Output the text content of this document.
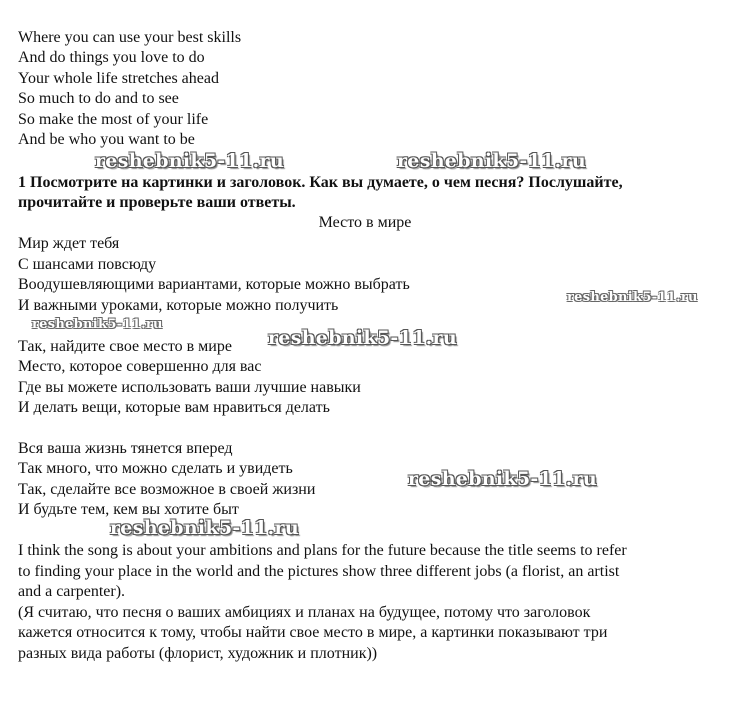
Where you can use your best skills
And do things you love to do
Your whole life stretches ahead
So much to do and to see
So make the most of your life
And be who you want to be
1 Посмотрите на картинки и заголовок. Как вы думаете, о чем песня? Послушайте,
прочитайте и проверьте ваши ответы.
Место в мире
Мир ждет тебя
С шансами повсюду
Воодушевляющими вариантами, которые можно выбрать
И важными уроками, которые можно получить
Так, найдите свое место в мире
Место, которое совершенно для вас
Где вы можете использовать ваши лучшие навыки
И делать вещи, которые вам нравиться делать
Вся ваша жизнь тянется вперед
Так много, что можно сделать и увидеть
Так, сделайте все возможное в своей жизни
И будьте тем, кем вы хотите быт
I think the song is about your ambitions and plans for the future because the title seems to refer
to finding your place in the world and the pictures show three different jobs (a florist, an artist
and a carpenter).
(Я считаю, что песня о ваших амбициях и планах на будущее, потому что заголовок
кажется относится к тому, чтобы найти свое место в мире, а картинки показывают три
разных вида работы (флорист, художник и плотник))
reshebnik5-11.ru	reshebnik5-11.ru
reshebnik5-11.ru
reshebnik5-11.ru
reshebnik5-11.ru
reshebnik5-11.ru
reshebnik5-11.ru
